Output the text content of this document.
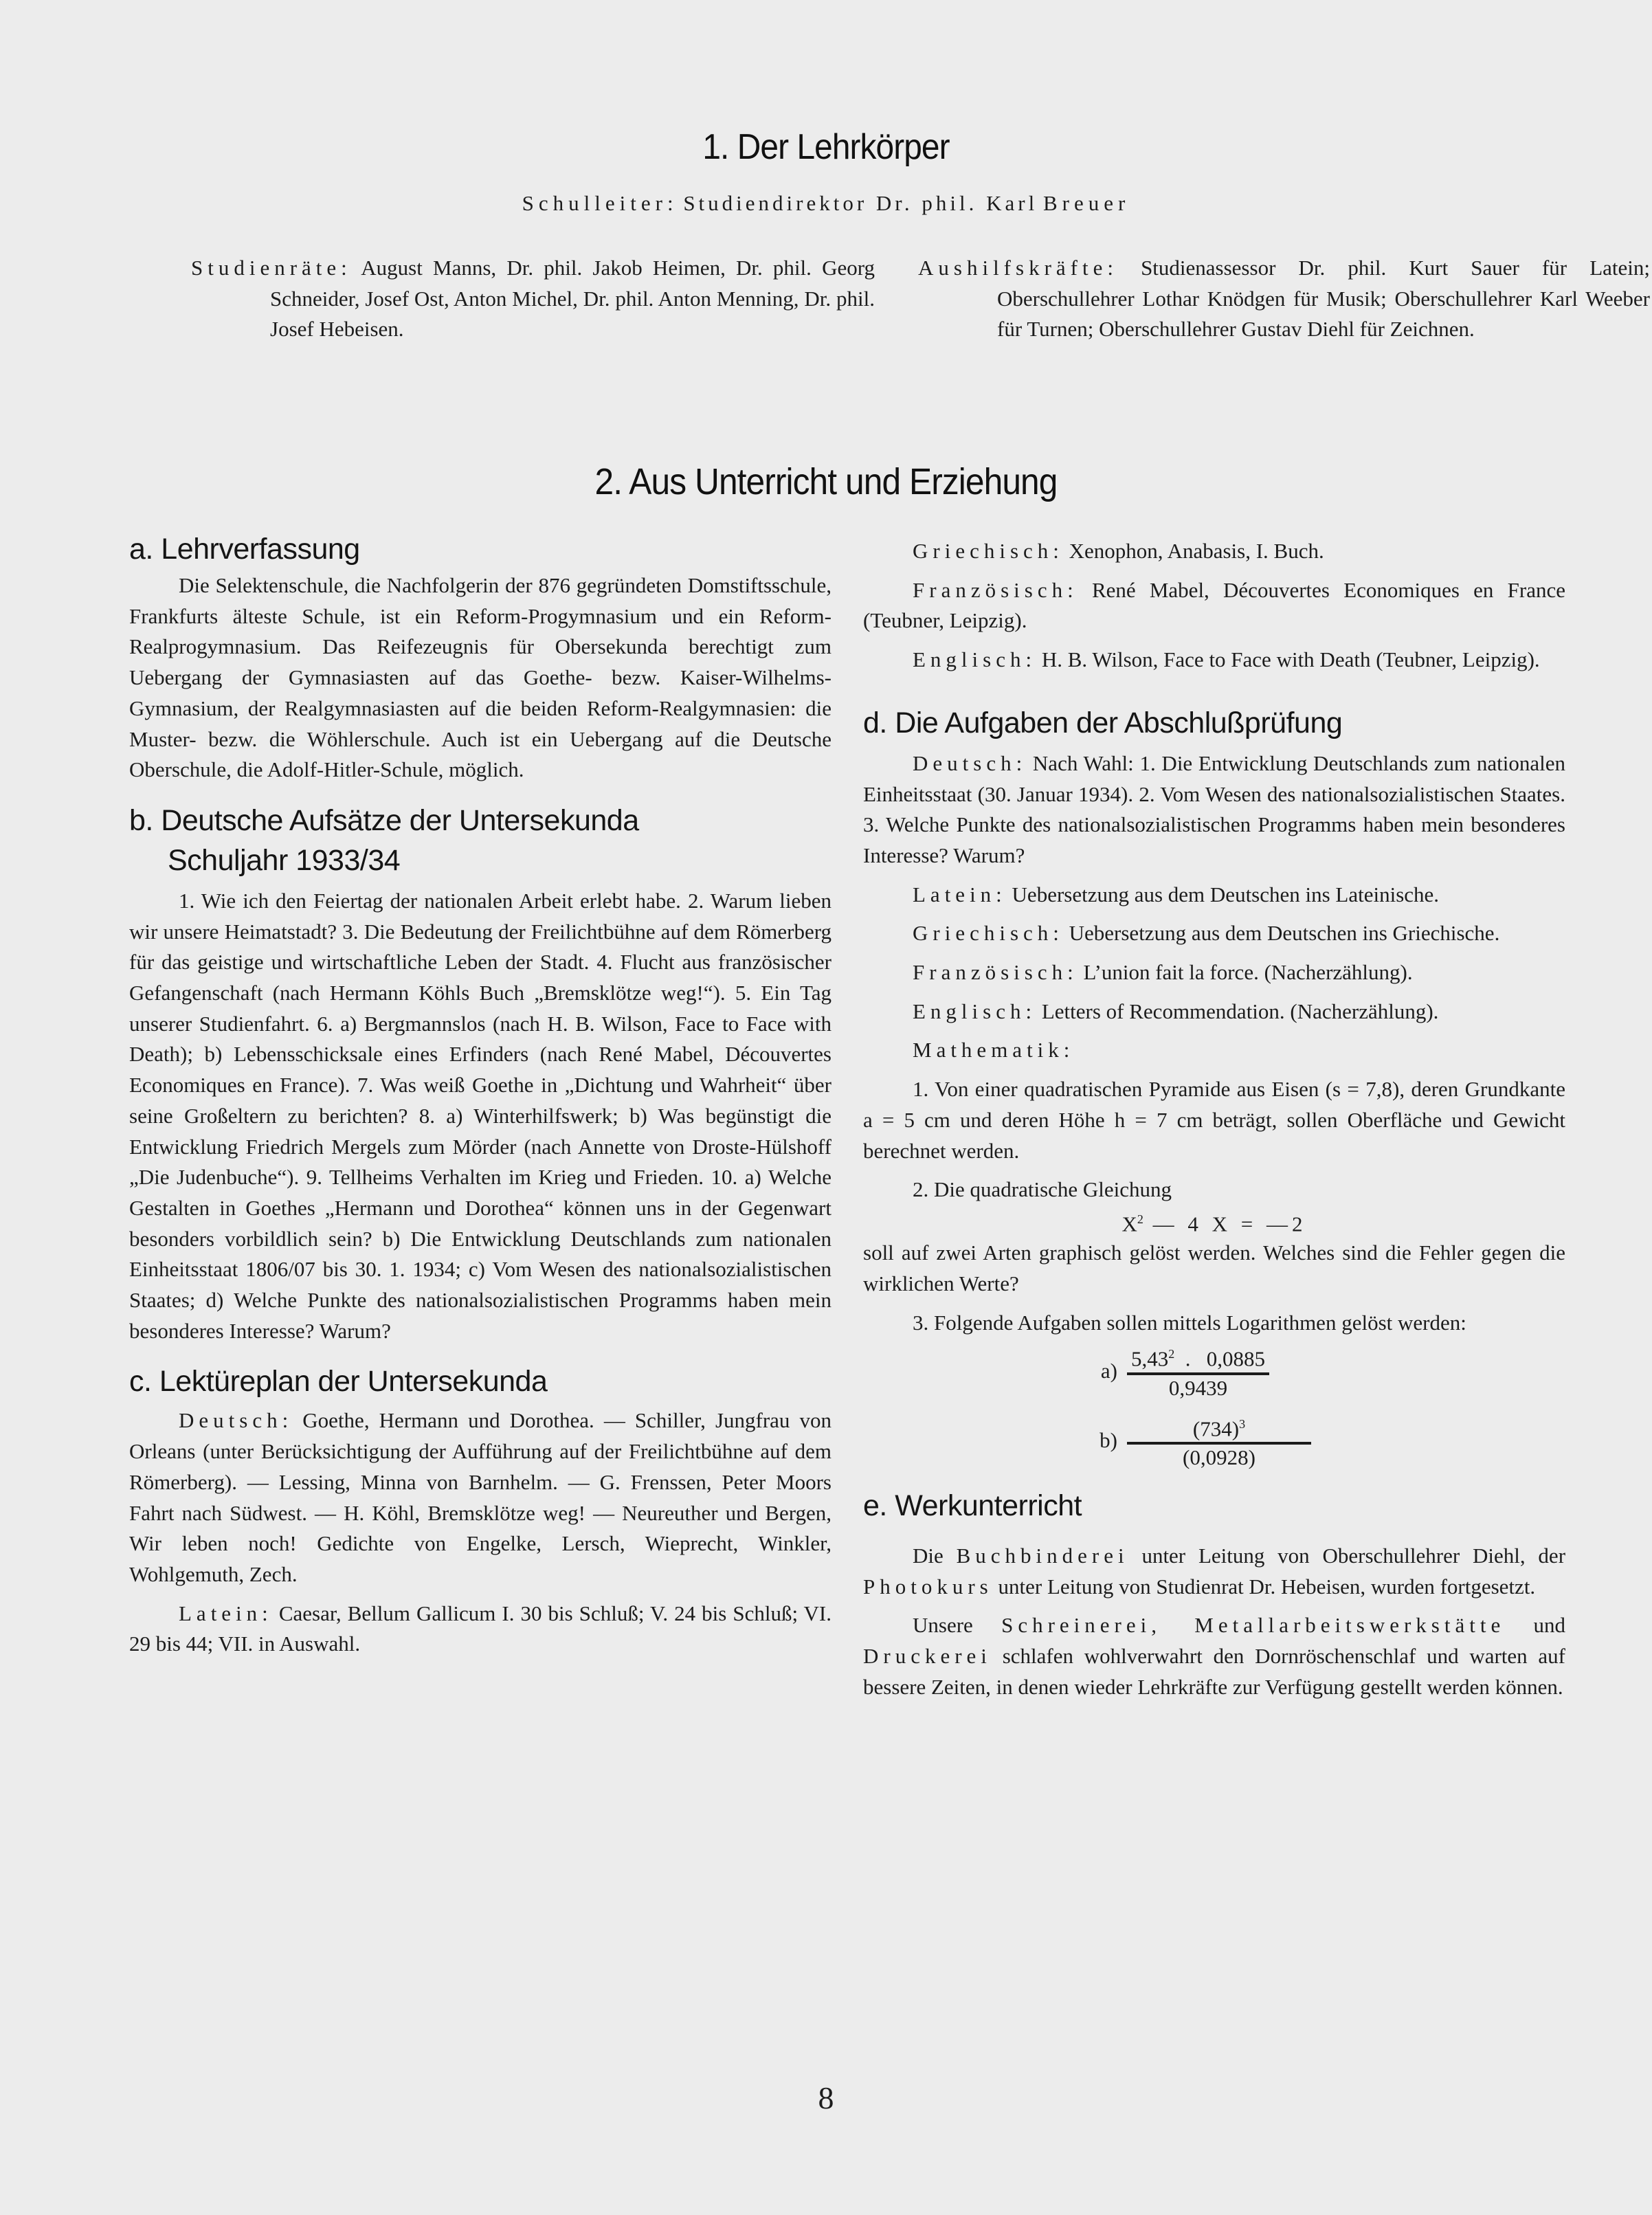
1. Der Lehrkörper
Schulleiter: Studiendirektor Dr. phil. Karl Breuer
Studienräte: August Manns, Dr. phil. Jakob Heimen, Dr. phil. Georg Schneider, Josef Ost, Anton Michel, Dr. phil. Anton Menning, Dr. phil. Josef Hebeisen.
Aushilfskräfte: Studienassessor Dr. phil. Kurt Sauer für Latein; Oberschullehrer Lothar Knödgen für Musik; Oberschullehrer Karl Weeber für Turnen; Oberschullehrer Gustav Diehl für Zeichnen.
2. Aus Unterricht und Erziehung
a. Lehrverfassung

Die Selektenschule, die Nachfolgerin der 876 gegründeten Domstiftsschule, Frankfurts älteste Schule, ist ein Reform-Progymnasium und ein Reform-Realprogymnasium. Das Reifezeugnis für Obersekunda berechtigt zum Uebergang der Gymnasiasten auf das Goethe- bezw. Kaiser-Wilhelms-Gymnasium, der Realgymnasiasten auf die beiden Reform-Realgymnasien: die Muster- bezw. die Wöhlerschule. Auch ist ein Uebergang auf die Deutsche Oberschule, die Adolf-Hitler-Schule, möglich.

b. Deutsche Aufsätze der Untersekunda
Schuljahr 1933/34

1. Wie ich den Feiertag der nationalen Arbeit erlebt habe. 2. Warum lieben wir unsere Heimatstadt? 3. Die Bedeutung der Freilichtbühne auf dem Römerberg für das geistige und wirtschaftliche Leben der Stadt. 4. Flucht aus französischer Gefangenschaft (nach Hermann Köhls Buch „Bremsklötze weg!“). 5. Ein Tag unserer Studienfahrt. 6. a) Bergmannslos (nach H. B. Wilson, Face to Face with Death); b) Lebensschicksale eines Erfinders (nach René Mabel, Découvertes Economiques en France). 7. Was weiß Goethe in „Dichtung und Wahrheit“ über seine Großeltern zu berichten? 8. a) Winterhilfswerk; b) Was begünstigt die Entwicklung Friedrich Mergels zum Mörder (nach Annette von Droste-Hülshoff „Die Judenbuche“). 9. Tellheims Verhalten im Krieg und Frieden. 10. a) Welche Gestalten in Goethes „Hermann und Dorothea“ können uns in der Gegenwart besonders vorbildlich sein? b) Die Entwicklung Deutschlands zum nationalen Einheitsstaat 1806/07 bis 30. 1. 1934; c) Vom Wesen des nationalsozialistischen Staates; d) Welche Punkte des nationalsozialistischen Programms haben mein besonderes Interesse? Warum?

c. Lektüreplan der Untersekunda

Deutsch: Goethe, Hermann und Dorothea. — Schiller, Jungfrau von Orleans (unter Berücksichtigung der Aufführung auf der Freilichtbühne auf dem Römerberg). — Lessing, Minna von Barnhelm. — G. Frenssen, Peter Moors Fahrt nach Südwest. — H. Köhl, Bremsklötze weg! — Neureuther und Bergen, Wir leben noch! Gedichte von Engelke, Lersch, Wieprecht, Winkler, Wohlgemuth, Zech.

Latein: Caesar, Bellum Gallicum I. 30 bis Schluß; V. 24 bis Schluß; VI. 29 bis 44; VII. in Auswahl.

Griechisch: Xenophon, Anabasis, I. Buch.

Französisch: René Mabel, Découvertes Economiques en France (Teubner, Leipzig).

Englisch: H. B. Wilson, Face to Face with Death (Teubner, Leipzig).

d. Die Aufgaben der Abschlußprüfung

Deutsch: Nach Wahl: 1. Die Entwicklung Deutschlands zum nationalen Einheitsstaat (30. Januar 1934). 2. Vom Wesen des nationalsozialistischen Staates. 3. Welche Punkte des nationalsozialistischen Programms haben mein besonderes Interesse? Warum?

Latein: Uebersetzung aus dem Deutschen ins Lateinische.

Griechisch: Uebersetzung aus dem Deutschen ins Griechische.

Französisch: L’union fait la force. (Nacherzählung).

Englisch: Letters of Recommendation. (Nacherzählung).

Mathematik:

1. Von einer quadratischen Pyramide aus Eisen (s = 7,8), deren Grundkante a = 5 cm und deren Höhe h = 7 cm beträgt, sollen Oberfläche und Gewicht berechnet werden.

2. Die quadratische Gleichung

$X^2$ — 4 X = —2

soll auf zwei Arten graphisch gelöst werden. Welches sind die Fehler gegen die wirklichen Werte?

3. Folgende Aufgaben sollen mittels Logarithmen gelöst werden:

$a) \frac{5,43^2 . 0,0885}{0,9439}$
$b) \frac{(734)^3}{(0,0928)}$
e. Werkunterricht

Die Buchbinderei unter Leitung von Oberschullehrer Diehl, der Photokurs unter Leitung von Studienrat Dr. Hebeisen, wurden fortgesetzt.

Unsere Schreinerei, Metallarbeitswerkstätte und Druckerei schlafen wohlverwahrt den Dornröschenschlaf und warten auf bessere Zeiten, in denen wieder Lehrkräfte zur Verfügung gestellt werden können.

8
